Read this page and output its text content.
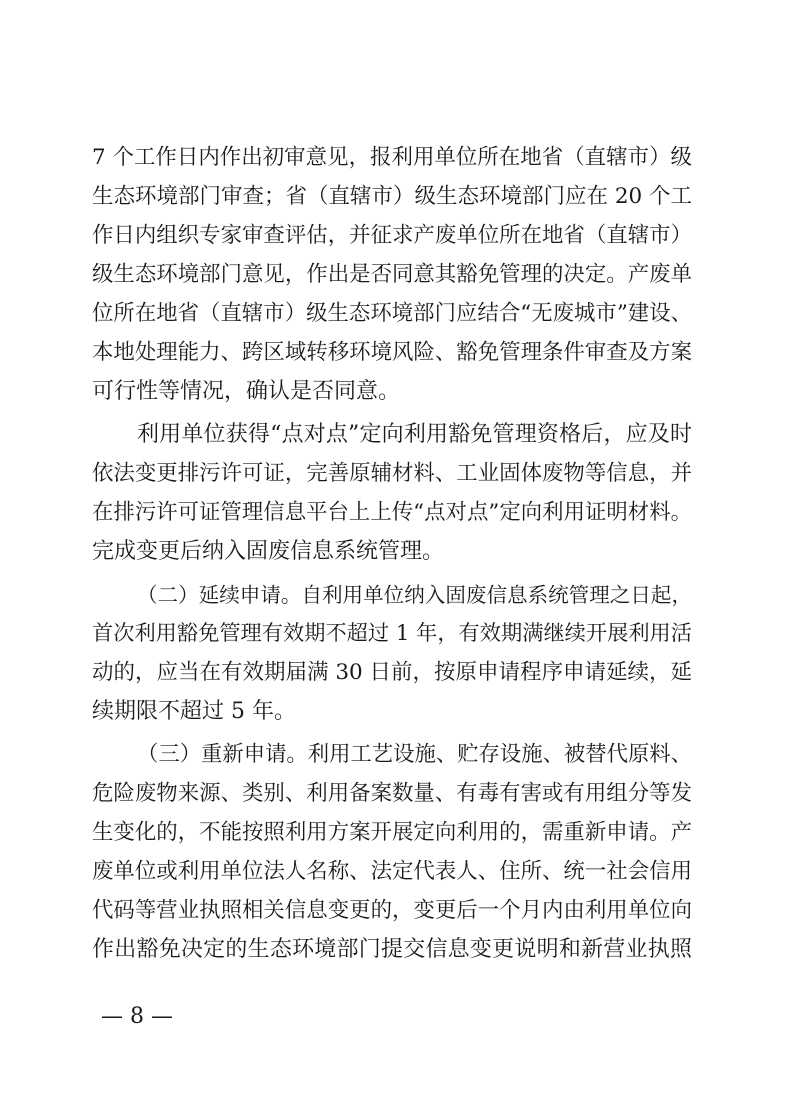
7 个工作日内作出初审意见，报利用单位所在地省（直辖市）级
生态环境部门审查；省（直辖市）级生态环境部门应在 20 个工
作日内组织专家审查评估，并征求产废单位所在地省（直辖市）
级生态环境部门意见，作出是否同意其豁免管理的决定。产废单
位所在地省（直辖市）级生态环境部门应结合“无废城市”建设、
本地处理能力、跨区域转移环境风险、豁免管理条件审查及方案
可行性等情况，确认是否同意。
利用单位获得“点对点”定向利用豁免管理资格后，应及时
依法变更排污许可证，完善原辅材料、工业固体废物等信息，并
在排污许可证管理信息平台上上传“点对点”定向利用证明材料。
完成变更后纳入固废信息系统管理。
（二）延续申请。自利用单位纳入固废信息系统管理之日起，
首次利用豁免管理有效期不超过 1 年，有效期满继续开展利用活
动的，应当在有效期届满 30 日前，按原申请程序申请延续，延
续期限不超过 5 年。
（三）重新申请。利用工艺设施、贮存设施、被替代原料、
危险废物来源、类别、利用备案数量、有毒有害或有用组分等发
生变化的，不能按照利用方案开展定向利用的，需重新申请。产
废单位或利用单位法人名称、法定代表人、住所、统一社会信用
代码等营业执照相关信息变更的，变更后一个月内由利用单位向
作出豁免决定的生态环境部门提交信息变更说明和新营业执照
— 8 —
